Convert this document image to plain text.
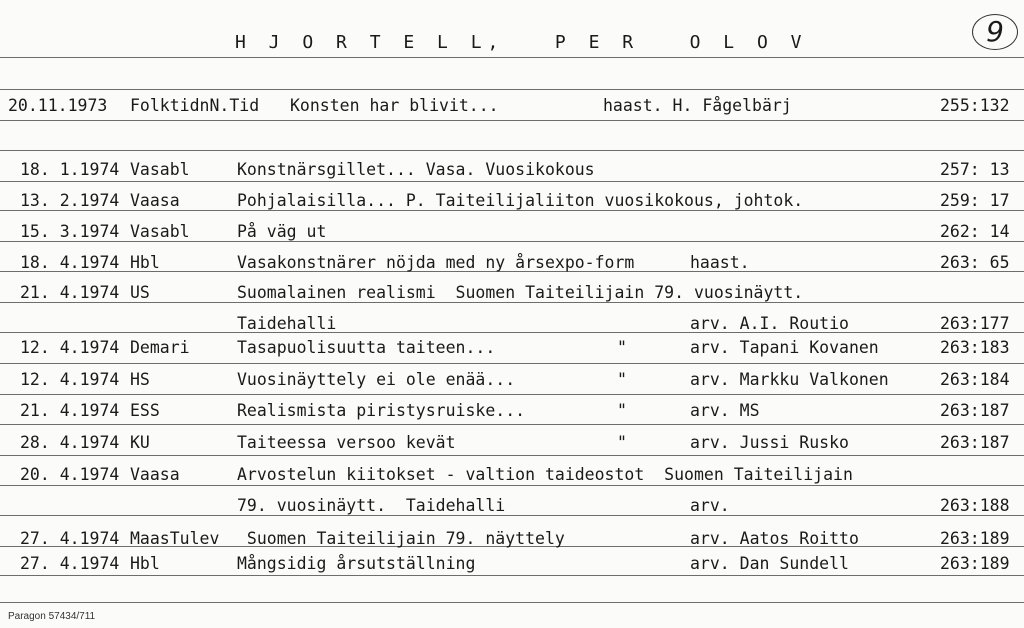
H J O R T E L L,   P E R   O L O V	9
20.11.1973 FolktidnN.Tid Konsten har blivit...	haast. H. Fågelbärj	255:132
18. 1.1974 Vasabl	Konstnärsgillet... Vasa. Vuosikokous	257: 13
13. 2.1974 Vaasa	Pohjalaisilla... P. Taiteilijaliiton vuosikokous, johtok.	259: 17
15. 3.1974 Vasabl	På väg ut	262: 14
18. 4.1974 Hbl	Vasakonstnärer nöjda med ny årsexpo-form	haast.	263: 65
21. 4.1974 US	Suomalainen realismi  Suomen Taiteilijain 79. vuosinäytt.
Taidehalli	arv. A.I. Routio	263:177
12. 4.1974 Demari	Tasapuolisuutta taiteen...	"	arv. Tapani Kovanen	263:183
12. 4.1974 HS	Vuosinäyttely ei ole enää...	"	arv. Markku Valkonen	263:184
21. 4.1974 ESS	Realismista piristysruiske...	"	arv. MS	263:187
28. 4.1974 KU	Taiteessa versoo kevät	"	arv. Jussi Rusko	263:187
20. 4.1974 Vaasa	Arvostelun kiitokset - valtion taideostot  Suomen Taiteilijain
79. vuosinäytt.  Taidehalli	arv.	263:188
27. 4.1974 MaasTulev Suomen Taiteilijain 79. näyttely	arv. Aatos Roitto	263:189
27. 4.1974 Hbl	Mångsidig årsutställning	arv. Dan Sundell	263:189
Paragon 57434/711
